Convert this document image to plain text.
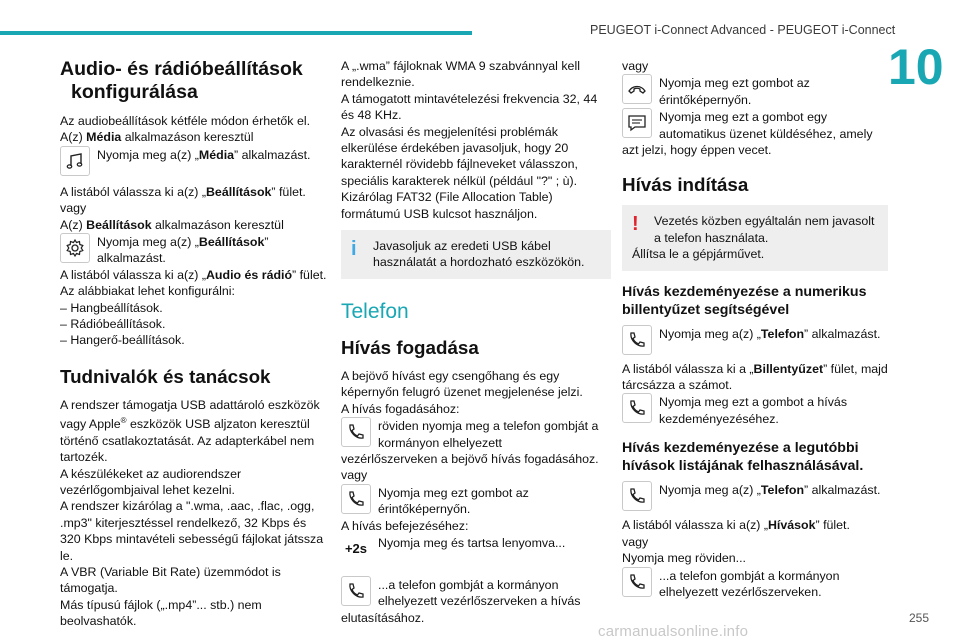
PEUGEOT i-Connect Advanced - PEUGEOT i-Connect
10
Audio- és rádióbeállítások
konfigurálása

Az audiobeállítások kétféle módon érhetők el.

A(z) Média alkalmazáson keresztül

Nyomja meg a(z) „Média” alkalmazást.

A listából válassza ki a(z) „Beállítások” fület.

vagy

A(z) Beállítások alkalmazáson keresztül

Nyomja meg a(z) „Beállítások” alkalmazást.

A listából válassza ki a(z) „Audio és rádió” fület.

Az alábbiakat lehet konfigurálni:

– Hangbeállítások.

– Rádióbeállítások.

– Hangerő-beállítások.

Tudnivalók és tanácsok

A rendszer támogatja USB adattároló eszközök vagy Apple® eszközök USB aljzaton keresztül történő csatlakoztatását. Az adapterkábel nem tartozék.

A készülékeket az audiorendszer vezérlőgombjaival lehet kezelni.

A rendszer kizárólag a ".wma, .aac, .flac, .ogg, .mp3" kiterjesztéssel rendelkező, 32 Kbps és 320 Kbps mintavételi sebességű fájlokat játssza le.

A VBR (Variable Bit Rate) üzemmódot is támogatja.

Más típusú fájlok („.mp4”... stb.) nem beolvashatók.

A „.wma” fájloknak WMA 9 szabvánnyal kell rendelkeznie.

A támogatott mintavételezési frekvencia 32, 44 és 48 KHz.

Az olvasási és megjelenítési problémák elkerülése érdekében javasoljuk, hogy 20 karakternél rövidebb fájlneveket válasszon, speciális karakterek nélkül (például "?" ; ù).

Kizárólag FAT32 (File Allocation Table) formátumú USB kulcsot használjon.

i	Javasoljuk az eredeti USB kábel használatát a hordozható eszközökön.
Telefon
Hívás fogadása

A bejövő hívást egy csengőhang és egy képernyőn felugró üzenet megjelenése jelzi.

A hívás fogadásához:

röviden nyomja meg a telefon gombját a kormányon elhelyezett

vezérlőszerveken a bejövő hívás fogadásához.

vagy

Nyomja meg ezt gombot az érintőképernyőn.

A hívás befejezéséhez:

+2s Nyomja meg és tartsa lenyomva...
...a telefon gombját a kormányon elhelyezett vezérlőszerveken a hívás

elutasításához.

vagy

Nyomja meg ezt gombot az érintőképernyőn.
Nyomja meg ezt a gombot egy automatikus üzenet küldéséhez, amely

azt jelzi, hogy éppen vecet.

Hívás indítása
!	Vezetés közben egyáltalán nem javasolt a telefon használata.
Állítsa le a gépjárművet.
Hívás kezdeményezése a numerikus billentyűzet segítségével
Nyomja meg a(z) „Telefon” alkalmazást.

A listából válassza ki a „Billentyűzet” fület, majd tárcsázza a számot.

Nyomja meg ezt a gombot a hívás kezdeményezéséhez.
Hívás kezdeményezése a legutóbbi hívások listájának felhasználásával.
Nyomja meg a(z) „Telefon” alkalmazást.

A listából válassza ki a(z) „Hívások” fület.

vagy

Nyomja meg röviden...

...a telefon gombját a kormányon elhelyezett vezérlőszerveken.
255
carmanualsonline.info
